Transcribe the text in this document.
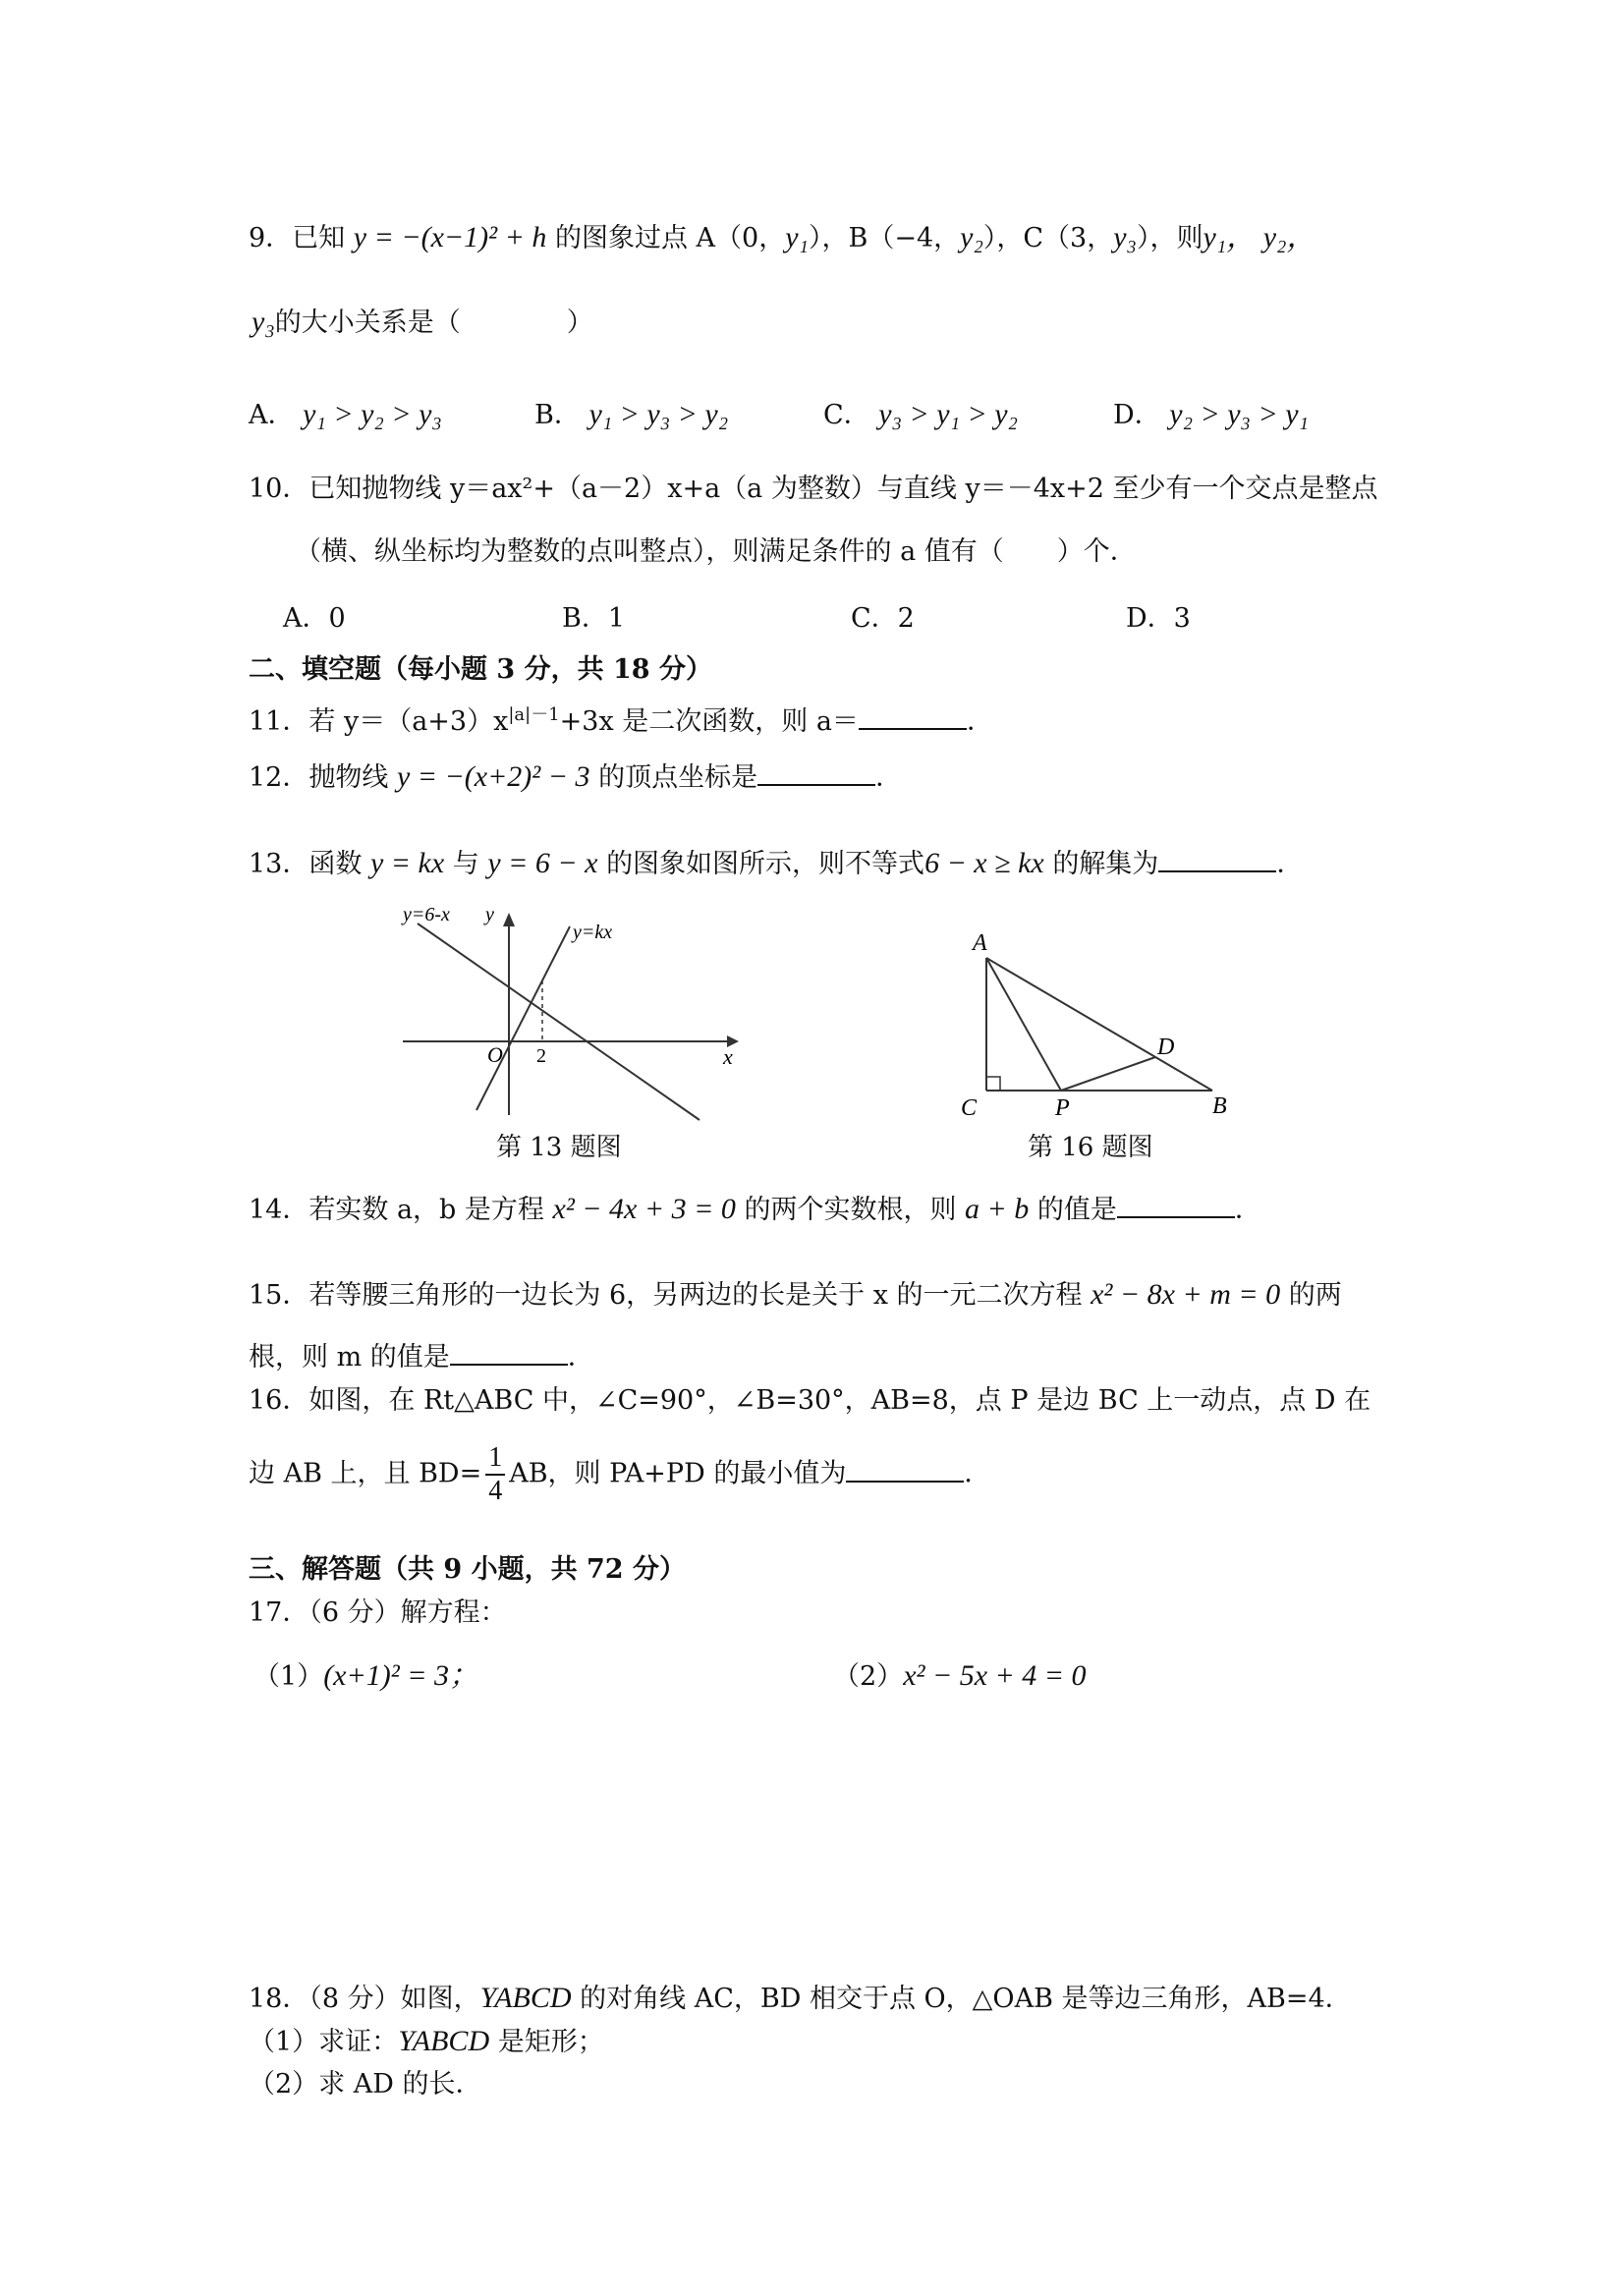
9．已知 y = −(x−1)² + h 的图象过点 A（0，y₁），B（−4，y₂），C（3，y₃），则y₁， y₂，
y₃的大小关系是（　　　　）
A． y₁ > y₂ > y₃	B． y₁ > y₃ > y₂	C． y₃ > y₁ > y₂	D． y₂ > y₃ > y₁
10．已知抛物线 y＝ax²+（a－2）x+a（a 为整数）与直线 y＝－4x+2 至少有一个交点是整点
（横、纵坐标均为整数的点叫整点），则满足条件的 a 值有（　　）个．
A．0	B．1	C．2	D．3
二、填空题（每小题 3 分，共 18 分）
11．若 $y=(a+3)x^{|a|-1}+3x$ 是二次函数，则 a＝	．
12．抛物线 y = −(x+2)² − 3 的顶点坐标是	．
13．函数 y = kx 与 y = 6 − x 的图象如图所示，则不等式6 − x ≥ kx 的解集为	．
y=6-x y
y=kx
O 2	x
第 13 题图
A
C	P
D
B
第 16 题图
14．若实数 a，b 是方程 x² − 4x + 3 = 0 的两个实数根，则 a + b 的值是	．
15．若等腰三角形的一边长为 6，另两边的长是关于 x 的一元二次方程 x² − 8x + m = 0 的两
根，则 m 的值是	．
16．如图，在 Rt△ABC 中，∠C=90°，∠B=30°，AB=8，点 P 是边 BC 上一动点，点 D 在
边 AB 上，且 $BD= \frac{1}{4}$ AB，则 PA+PD 的最小值为	．
三、解答题（共 9 小题，共 72 分）
17．（6 分）解方程：
（1）(x+1)² = 3；	（2）x² − 5x + 4 = 0
18．（8 分）如图，YABCD 的对角线 AC，BD 相交于点 O，△OAB 是等边三角形，AB=4．
（1）求证：YABCD 是矩形；
（2）求 AD 的长．
